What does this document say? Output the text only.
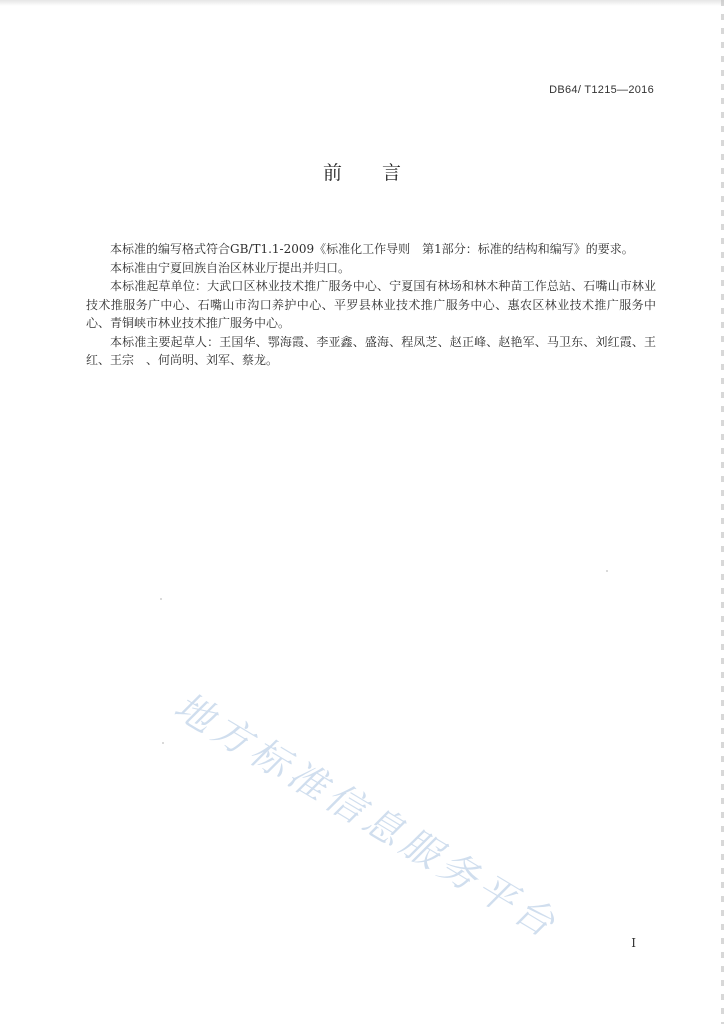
DB64/ T1215—2016
前言

本标准的编写格式符合GB/T1.1-2009《标准化工作导则　第1部分：标准的结构和编写》的要求。

本标准由宁夏回族自治区林业厅提出并归口。

本标准起草单位：大武口区林业技术推广服务中心、宁夏国有林场和林木种苗工作总站、石嘴山市林业技术推服务广中心、石嘴山市沟口养护中心、平罗县林业技术推广服务中心、惠农区林业技术推广服务中心、青铜峡市林业技术推广服务中心。

本标准主要起草人：王国华、鄂海霞、李亚鑫、盛海、程凤芝、赵正峰、赵艳军、马卫东、刘红霞、王红、王宗　、何尚明、刘军、蔡龙。

地方标准信息服务平台	I
